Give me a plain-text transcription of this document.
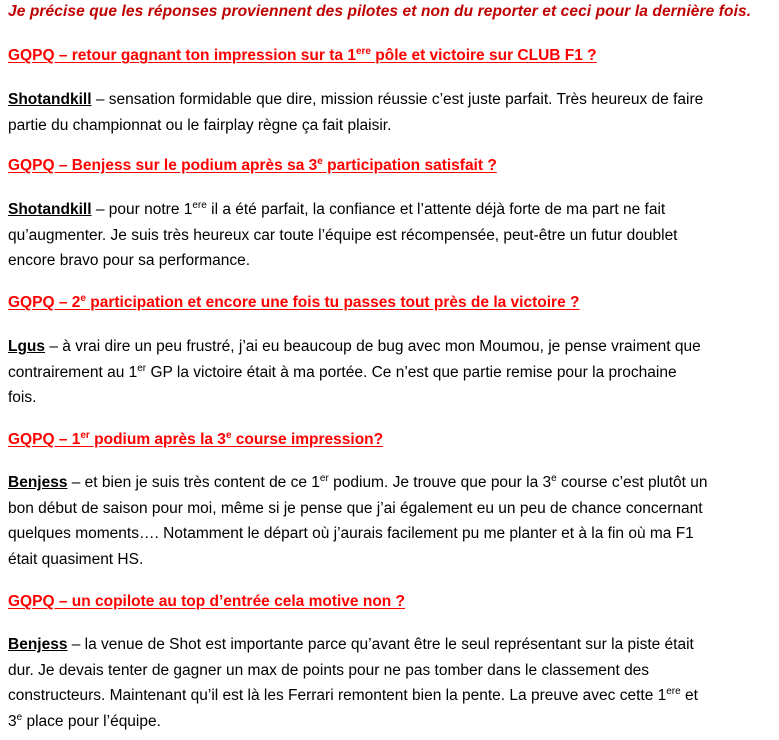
Je précise que les réponses proviennent des pilotes et non du reporter et ceci pour la dernière fois.
GQPQ – retour gagnant ton impression sur ta 1ere pôle et victoire sur CLUB F1 ?
Shotandkill – sensation formidable que dire, mission réussie c’est juste parfait. Très heureux de faire
partie du championnat ou le fairplay règne ça fait plaisir.
GQPQ – Benjess sur le podium après sa 3e participation satisfait ?
Shotandkill – pour notre 1ere il a été parfait, la confiance et l’attente déjà forte de ma part ne fait
qu’augmenter. Je suis très heureux car toute l’équipe est récompensée, peut-être un futur doublet
encore bravo pour sa performance.
GQPQ – 2e participation et encore une fois tu passes tout près de la victoire ?
Lgus – à vrai dire un peu frustré, j’ai eu beaucoup de bug avec mon Moumou, je pense vraiment que
contrairement au 1er GP la victoire était à ma portée. Ce n’est que partie remise pour la prochaine
fois.
GQPQ – 1er podium après la 3e course impression?
Benjess – et bien je suis très content de ce 1er podium. Je trouve que pour la 3e course c’est plutôt un
bon début de saison pour moi, même si je pense que j’ai également eu un peu de chance concernant
quelques moments…. Notamment le départ où j’aurais facilement pu me planter et à la fin où ma F1
était quasiment HS.
GQPQ – un copilote au top d’entrée cela motive non ?
Benjess – la venue de Shot est importante parce qu’avant être le seul représentant sur la piste était
dur. Je devais tenter de gagner un max de points pour ne pas tomber dans le classement des
constructeurs. Maintenant qu’il est là les Ferrari remontent bien la pente. La preuve avec cette 1ere et
3e place pour l’équipe.
